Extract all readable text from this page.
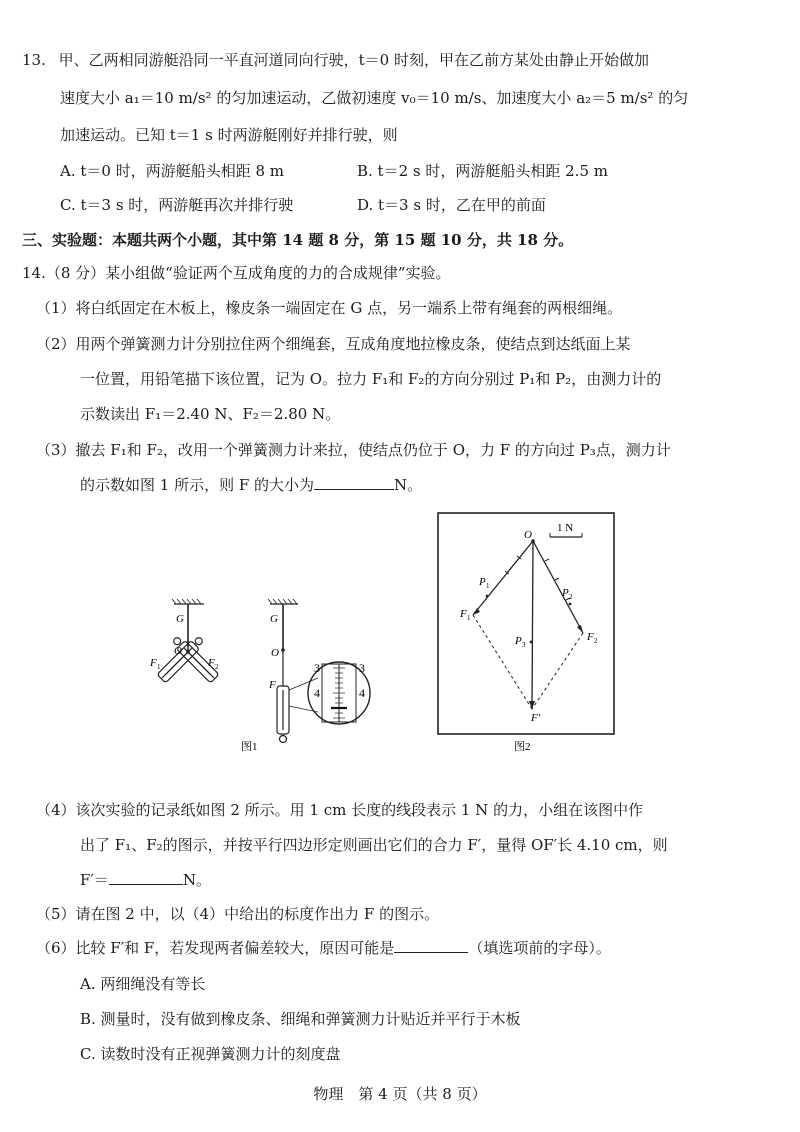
13. 甲、乙两相同游艇沿同一平直河道同向行驶，t＝0 时刻，甲在乙前方某处由静止开始做加
速度大小 a₁＝10 m/s² 的匀加速运动，乙做初速度 v₀＝10 m/s、加速度大小 a₂＝5 m/s² 的匀
加速运动。已知 t＝1 s 时两游艇刚好并排行驶，则
A. t＝0 时，两游艇船头相距 8 m	B. t＝2 s 时，两游艇船头相距 2.5 m
C. t＝3 s 时，两游艇再次并排行驶	D. t＝3 s 时，乙在甲的前面
三、实验题：本题共两个小题，其中第 14 题 8 分，第 15 题 10 分，共 18 分。
14.（8 分）某小组做“验证两个互成角度的力的合成规律”实验。
（1）将白纸固定在木板上，橡皮条一端固定在 G 点，另一端系上带有绳套的两根细绳。
（2）用两个弹簧测力计分别拉住两个细绳套，互成角度地拉橡皮条，使结点到达纸面上某
一位置，用铅笔描下该位置，记为 O。拉力 F₁和 F₂的方向分别过 P₁和 P₂，由测力计的
示数读出 F₁＝2.40 N、F₂＝2.80 N。
（3）撤去 F₁和 F₂，改用一个弹簧测力计来拉，使结点仍位于 O，力 F 的方向过 P₃点，测力计
的示数如图 1 所示，则 F 的大小为	N。
G
O
F 1	F 2
G
O
F
3	3
4	4
图1
1 N
O
P 1
P 2
P 3
F 1
F 2
F′
图2
（4）该次实验的记录纸如图 2 所示。用 1 cm 长度的线段表示 1 N 的力，小组在该图中作
出了 F₁、F₂的图示，并按平行四边形定则画出它们的合力 F′，量得 OF′长 4.10 cm，则
F′＝	N。
（5）请在图 2 中，以（4）中给出的标度作出力 F 的图示。
（6）比较 F′和 F，若发现两者偏差较大，原因可能是	（填选项前的字母）。
A. 两细绳没有等长
B. 测量时，没有做到橡皮条、细绳和弹簧测力计贴近并平行于木板
C. 读数时没有正视弹簧测力计的刻度盘
物理　第 4 页（共 8 页）
